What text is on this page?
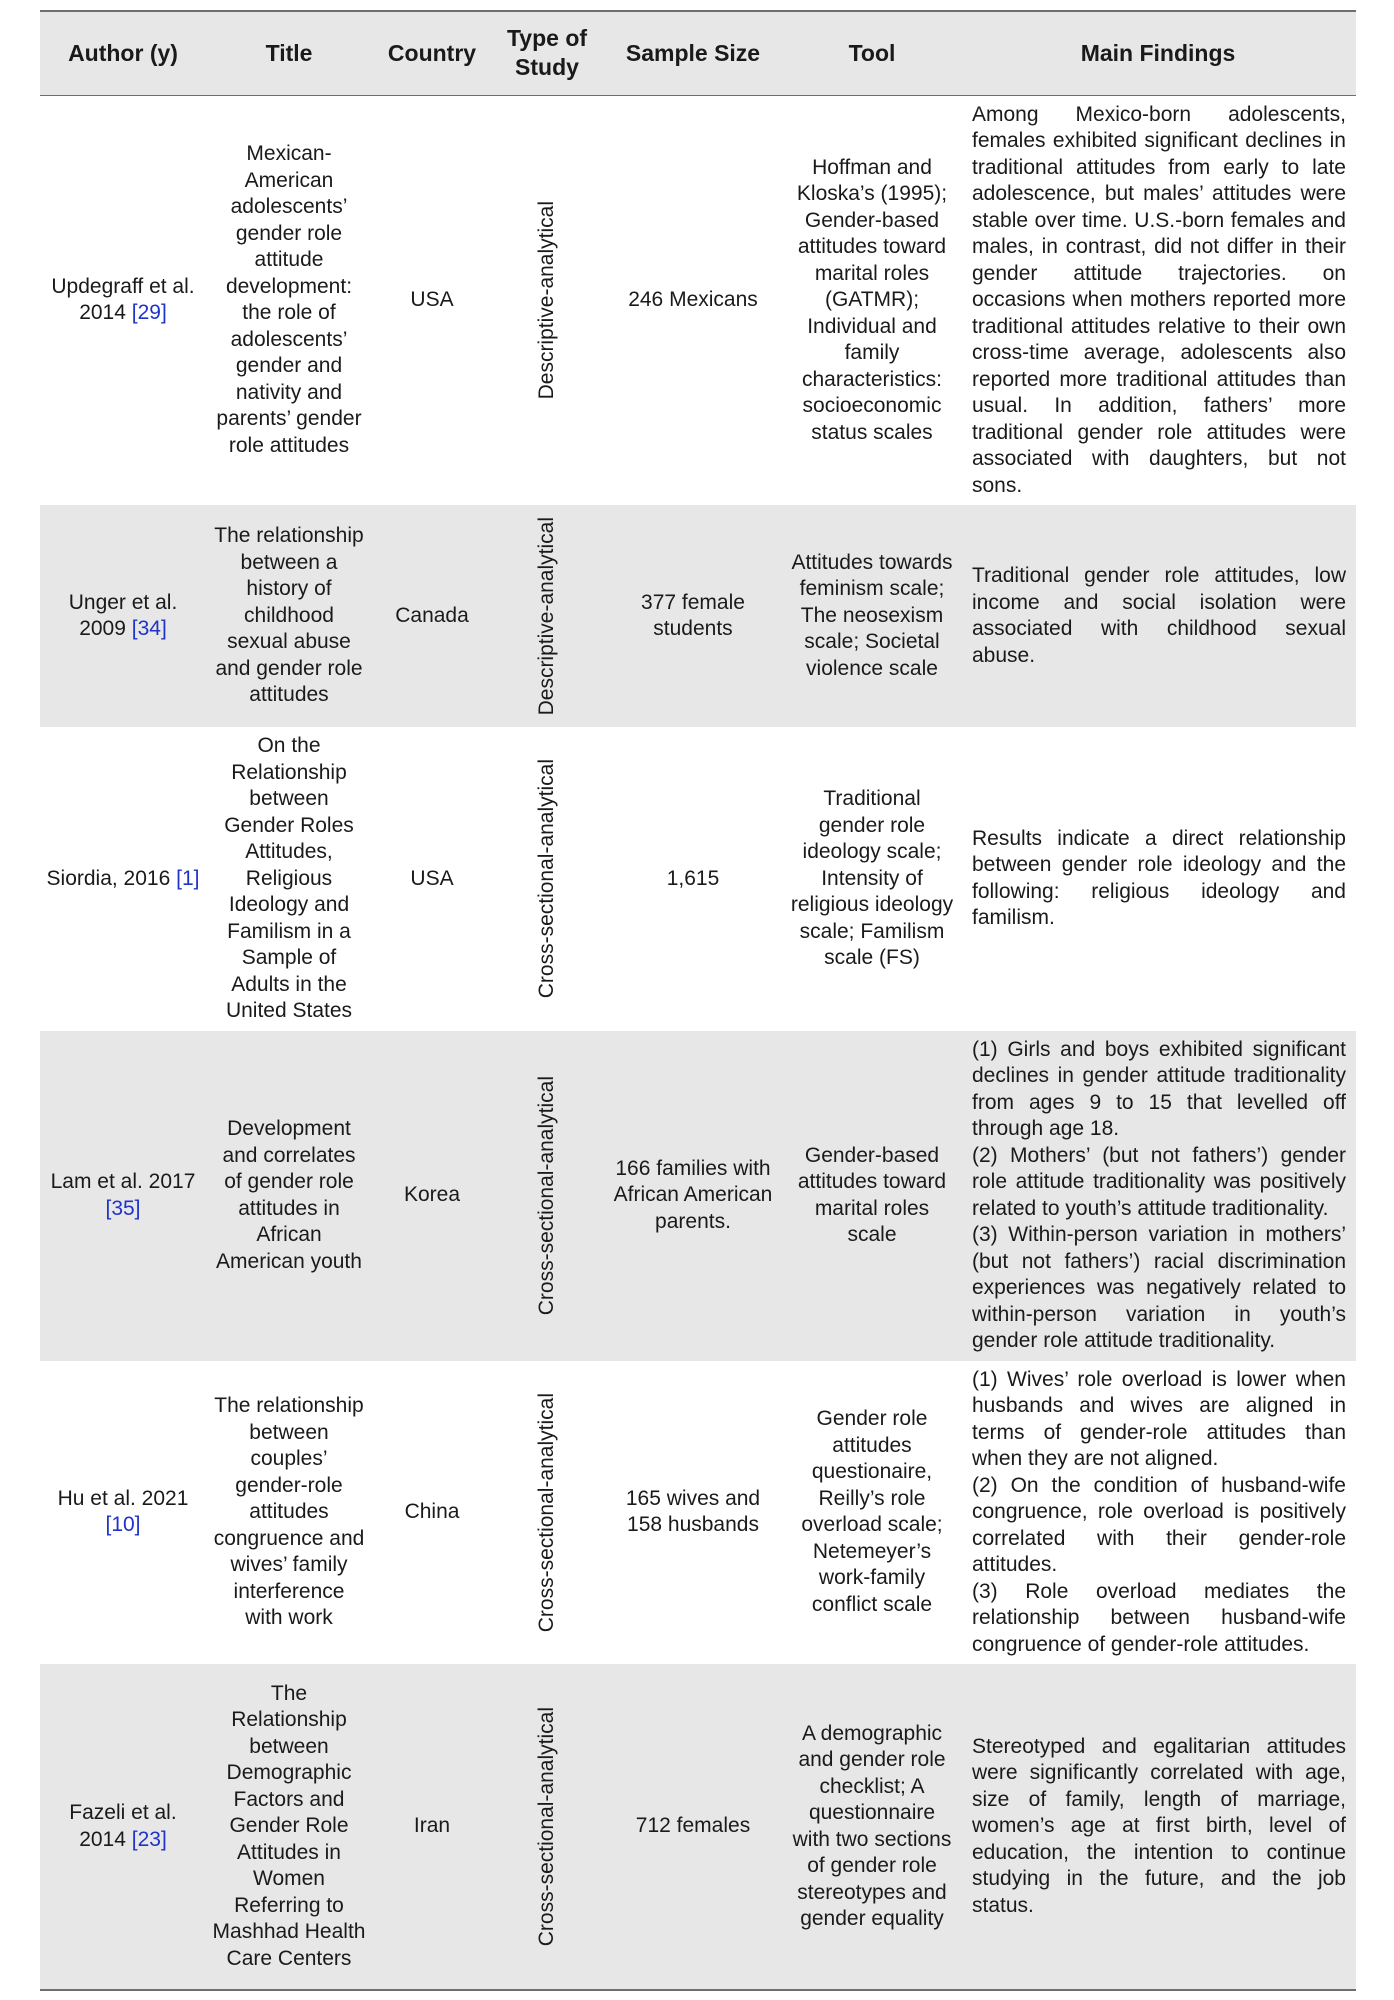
Author (y)	Title	Country	Type of Study	Sample Size	Tool	Main Findings
Updegraff et al. 2014 [29]	Mexican-American adolescents’ gender role attitude development: the role of adolescents’ gender and nativity and parents’ gender role attitudes	USA	Descriptive-analytical	246 Mexicans	Hoffman and Kloska’s (1995); Gender-based attitudes toward marital roles (GATMR); Individual and family characteristics: socioeconomic status scales	Among Mexico-born adolescents, females exhibited significant declines in traditional attitudes from early to late adolescence, but males’ attitudes were stable over time. U.S.-born females and males, in contrast, did not differ in their gender attitude trajectories. on occasions when mothers reported more traditional attitudes relative to their own cross-time average, adolescents also reported more traditional attitudes than usual. In addition, fathers’ more traditional gender role attitudes were associated with daughters, but not sons.

Unger et al. 2009 [34]	The relationship between a history of childhood sexual abuse and gender role attitudes	Canada	Descriptive-analytical	377 female students	Attitudes towards feminism scale; The neosexism scale; Societal violence scale	Traditional gender role attitudes, low income and social isolation were associated with childhood sexual abuse.

Siordia, 2016 [1]	On the Relationship between Gender Roles Attitudes, Religious Ideology and Familism in a Sample of Adults in the United States	USA	Cross-sectional-analytical	1,615	Traditional gender role ideology scale; Intensity of religious ideology scale; Familism scale (FS)	Results indicate a direct relationship between gender role ideology and the following: religious ideology and familism.

Lam et al. 2017 [35]	Development and correlates of gender role attitudes in African American youth	Korea	Cross-sectional-analytical	166 families with African American parents.	Gender-based attitudes toward marital roles scale	(1) Girls and boys exhibited significant declines in gender attitude traditionality from ages 9 to 15 that levelled off through age 18.
(2) Mothers’ (but not fathers’) gender role attitude traditionality was positively related to youth’s attitude traditionality.
(3) Within-person variation in mothers’ (but not fathers’) racial discrimination experiences was negatively related to within-person variation in youth’s gender role attitude traditionality.

Hu et al. 2021 [10]	The relationship between couples’ gender-role attitudes congruence and wives’ family interference with work	China	Cross-sectional-analytical	165 wives and 158 husbands	Gender role attitudes questionaire, Reilly’s role overload scale; Netemeyer’s work-family conflict scale	(1) Wives’ role overload is lower when husbands and wives are aligned in terms of gender-role attitudes than when they are not aligned.
(2) On the condition of husband-wife congruence, role overload is positively correlated with their gender-role attitudes.
(3) Role overload mediates the relationship between husband-wife congruence of gender-role attitudes.

Fazeli et al. 2014 [23]	The Relationship between Demographic Factors and Gender Role Attitudes in Women Referring to Mashhad Health Care Centers	Iran	Cross-sectional-analytical	712 females	A demographic and gender role checklist; A questionnaire with two sections of gender role stereotypes and gender equality	Stereotyped and egalitarian attitudes were significantly correlated with age, size of family, length of marriage, women’s age at first birth, level of education, the intention to continue studying in the future, and the job status.
